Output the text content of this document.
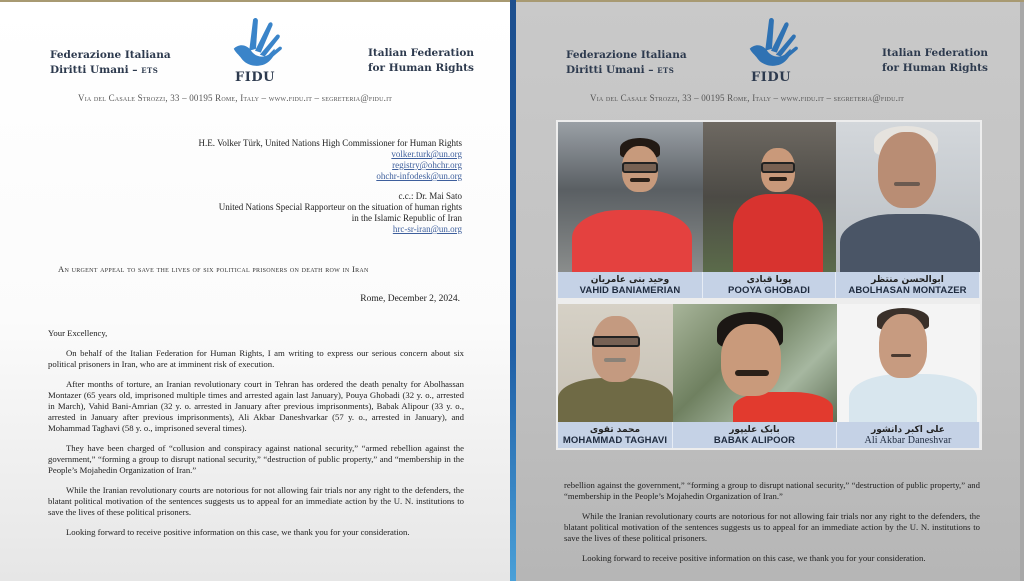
Federazione Italiana
Diritti Umani – ETS	FIDU
Italian Federation
for Human Rights
Via del Casale Strozzi, 33 – 00195 Rome, Italy – www.fidu.it – segreteria@fidu.it
H.E. Volker Türk, United Nations High Commissioner for Human Rights
volker.turk@un.org
registry@ohchr.org
ohchr-infodesk@un.org
c.c.: Dr. Mai Sato
United Nations Special Rapporteur on the situation of human rights
in the Islamic Republic of Iran
hrc-sr-iran@un.org
An urgent appeal to save the lives of six political prisoners on death row in Iran
Rome, December 2, 2024.

Your Excellency,

On behalf of the Italian Federation for Human Rights, I am writing to express our serious concern about six political prisoners in Iran, who are at imminent risk of execution.

After months of torture, an Iranian revolutionary court in Tehran has ordered the death penalty for Abolhassan Montazer (65 years old, imprisoned multiple times and arrested again last January), Pouya Ghobadi (32 y. o., arrested in March), Vahid Bani-Amrian (32 y. o. arrested in January after previous imprisonments), Babak Alipour (33 y. o., arrested in January after previous imprisonments), Ali Akbar Daneshvarkar (57 y. o., arrested in January), and Mohammad Taghavi (58 y. o., imprisoned several times).

They have been charged of “collusion and conspiracy against national security,” “armed rebellion against the government,” “forming a group to disrupt national security,” “destruction of public property,” and “membership in the People’s Mojahedin Organization of Iran.”

While the Iranian revolutionary courts are notorious for not allowing fair trials nor any right to the defenders, the blatant political motivation of the sentences suggests us to appeal for an immediate action by the U. N. institutions to save the lives of these political prisoners.

Looking forward to receive positive information on this case, we thank you for your consideration.

Federazione Italiana
Diritti Umani – ETS	FIDU
Italian Federation
for Human Rights
Via del Casale Strozzi, 33 – 00195 Rome, Italy – www.fidu.it – segreteria@fidu.it
وحید بنی عامریان
VAHID BANIAMERIAN
پویا قبادی
POOYA GHOBADI
ابوالحسن منتظر
ABOLHASAN MONTAZER
محمد تقوی
MOHAMMAD TAGHAVI
بابک علیپور
BABAK ALIPOOR
علی اکبر دانشور
Ali Akbar Daneshvar

rebellion against the government,” “forming a group to disrupt national security,” “destruction of public property,” and “membership in the People’s Mojahedin Organization of Iran.”

While the Iranian revolutionary courts are notorious for not allowing fair trials nor any right to the defenders, the blatant political motivation of the sentences suggests us to appeal for an immediate action by the U. N. institutions to save the lives of these political prisoners.

Looking forward to receive positive information on this case, we thank you for your consideration.
